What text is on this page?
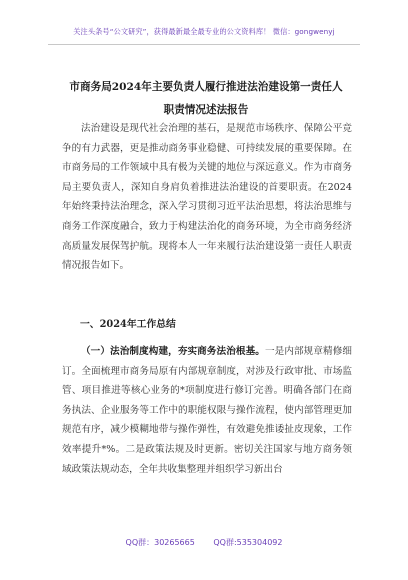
关注头条号“公文研究”，获得最新最全最专业的公文资料库！ 微信：gongwenyj
市商务局2024年主要负责人履行推进法治建设第一责任人
职责情况述法报告
法治建设是现代社会治理的基石，是规范市场秩序、保障公平竞争的有力武器，更是推动商务事业稳健、可持续发展的重要保障。在市商务局的工作领域中具有极为关键的地位与深远意义。作为市商务局主要负责人，深知自身肩负着推进法治建设的首要职责。在2024年始终秉持法治理念，深入学习贯彻习近平法治思想，将法治思维与商务工作深度融合，致力于构建法治化的商务环境，为全市商务经济高质量发展保驾护航。现将本人一年来履行法治建设第一责任人职责情况报告如下。
一、2024年工作总结
（一）法治制度构建，夯实商务法治根基。一是内部规章精修细订。全面梳理市商务局原有内部规章制度，对涉及行政审批、市场监管、项目推进等核心业务的*项制度进行修订完善。明确各部门在商务执法、企业服务等工作中的职能权限与操作流程，使内部管理更加规范有序，减少模糊地带与操作弹性，有效避免推诿扯皮现象，工作效率提升*%。二是政策法规及时更新。密切关注国家与地方商务领域政策法规动态，全年共收集整理并组织学习新出台
QQ群：30265665 QQ群:535304092
